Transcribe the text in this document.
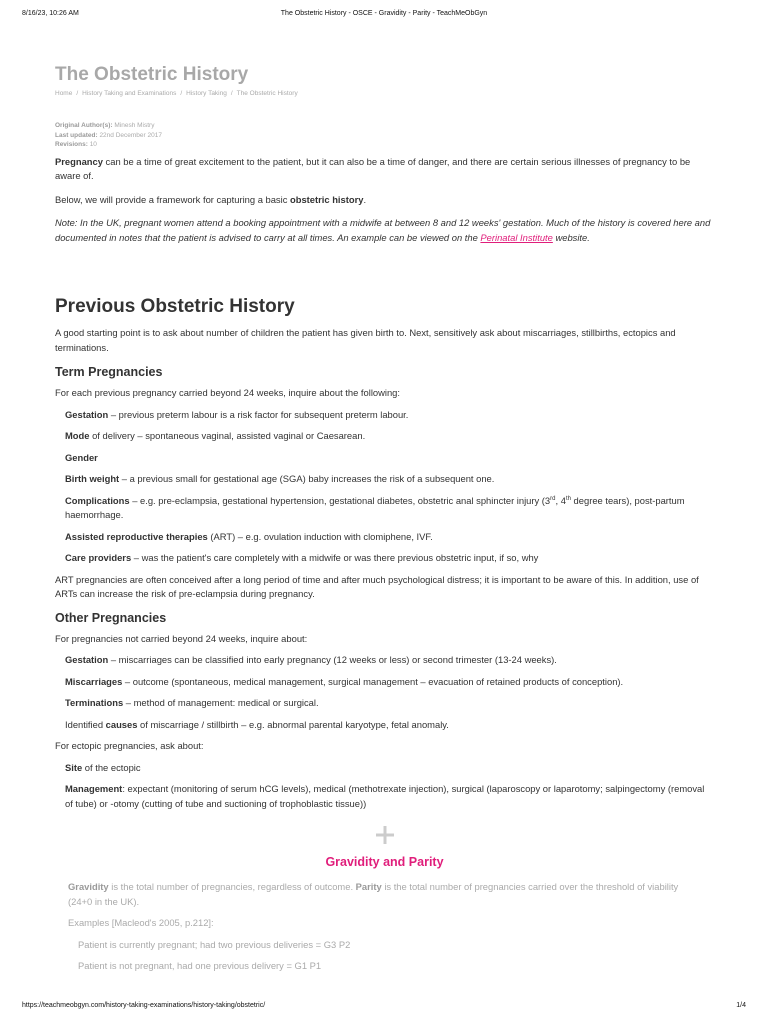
8/16/23, 10:26 AM	The Obstetric History - OSCE - Gravidity - Parity - TeachMeObGyn
The Obstetric History
Home / History Taking and Examinations / History Taking / The Obstetric History
Original Author(s): Minesh Mistry
Last updated: 22nd December 2017
Revisions: 10

Pregnancy can be a time of great excitement to the patient, but it can also be a time of danger, and there are certain serious illnesses of pregnancy to be aware of.

Below, we will provide a framework for capturing a basic obstetric history.

Note: In the UK, pregnant women attend a booking appointment with a midwife at between 8 and 12 weeks' gestation. Much of the history is covered here and documented in notes that the patient is advised to carry at all times. An example can be viewed on the Perinatal Institute website.

Previous Obstetric History

A good starting point is to ask about number of children the patient has given birth to. Next, sensitively ask about miscarriages, stillbirths, ectopics and terminations.

Term Pregnancies

For each previous pregnancy carried beyond 24 weeks, inquire about the following:

Gestation – previous preterm labour is a risk factor for subsequent preterm labour.

Mode of delivery – spontaneous vaginal, assisted vaginal or Caesarean.

Gender

Birth weight – a previous small for gestational age (SGA) baby increases the risk of a subsequent one.

Complications – e.g. pre-eclampsia, gestational hypertension, gestational diabetes, obstetric anal sphincter injury (3rd, 4th degree tears), post-partum haemorrhage.

Assisted reproductive therapies (ART) – e.g. ovulation induction with clomiphene, IVF.

Care providers – was the patient's care completely with a midwife or was there previous obstetric input, if so, why

ART pregnancies are often conceived after a long period of time and after much psychological distress; it is important to be aware of this. In addition, use of ARTs can increase the risk of pre-eclampsia during pregnancy.

Other Pregnancies

For pregnancies not carried beyond 24 weeks, inquire about:

Gestation – miscarriages can be classified into early pregnancy (12 weeks or less) or second trimester (13-24 weeks).

Miscarriages – outcome (spontaneous, medical management, surgical management – evacuation of retained products of conception).

Terminations – method of management: medical or surgical.

Identified causes of miscarriage / stillbirth – e.g. abnormal parental karyotype, fetal anomaly.

For ectopic pregnancies, ask about:

Site of the ectopic

Management: expectant (monitoring of serum hCG levels), medical (methotrexate injection), surgical (laparoscopy or laparotomy; salpingectomy (removal of tube) or -otomy (cutting of tube and suctioning of trophoblastic tissue))

Gravidity and Parity

Gravidity is the total number of pregnancies, regardless of outcome. Parity is the total number of pregnancies carried over the threshold of viability (24+0 in the UK).

Examples [Macleod's 2005, p.212]:

Patient is currently pregnant; had two previous deliveries = G3 P2

Patient is not pregnant, had one previous delivery = G1 P1

https://teachmeobgyn.com/history-taking-examinations/history-taking/obstetric/	1/4
